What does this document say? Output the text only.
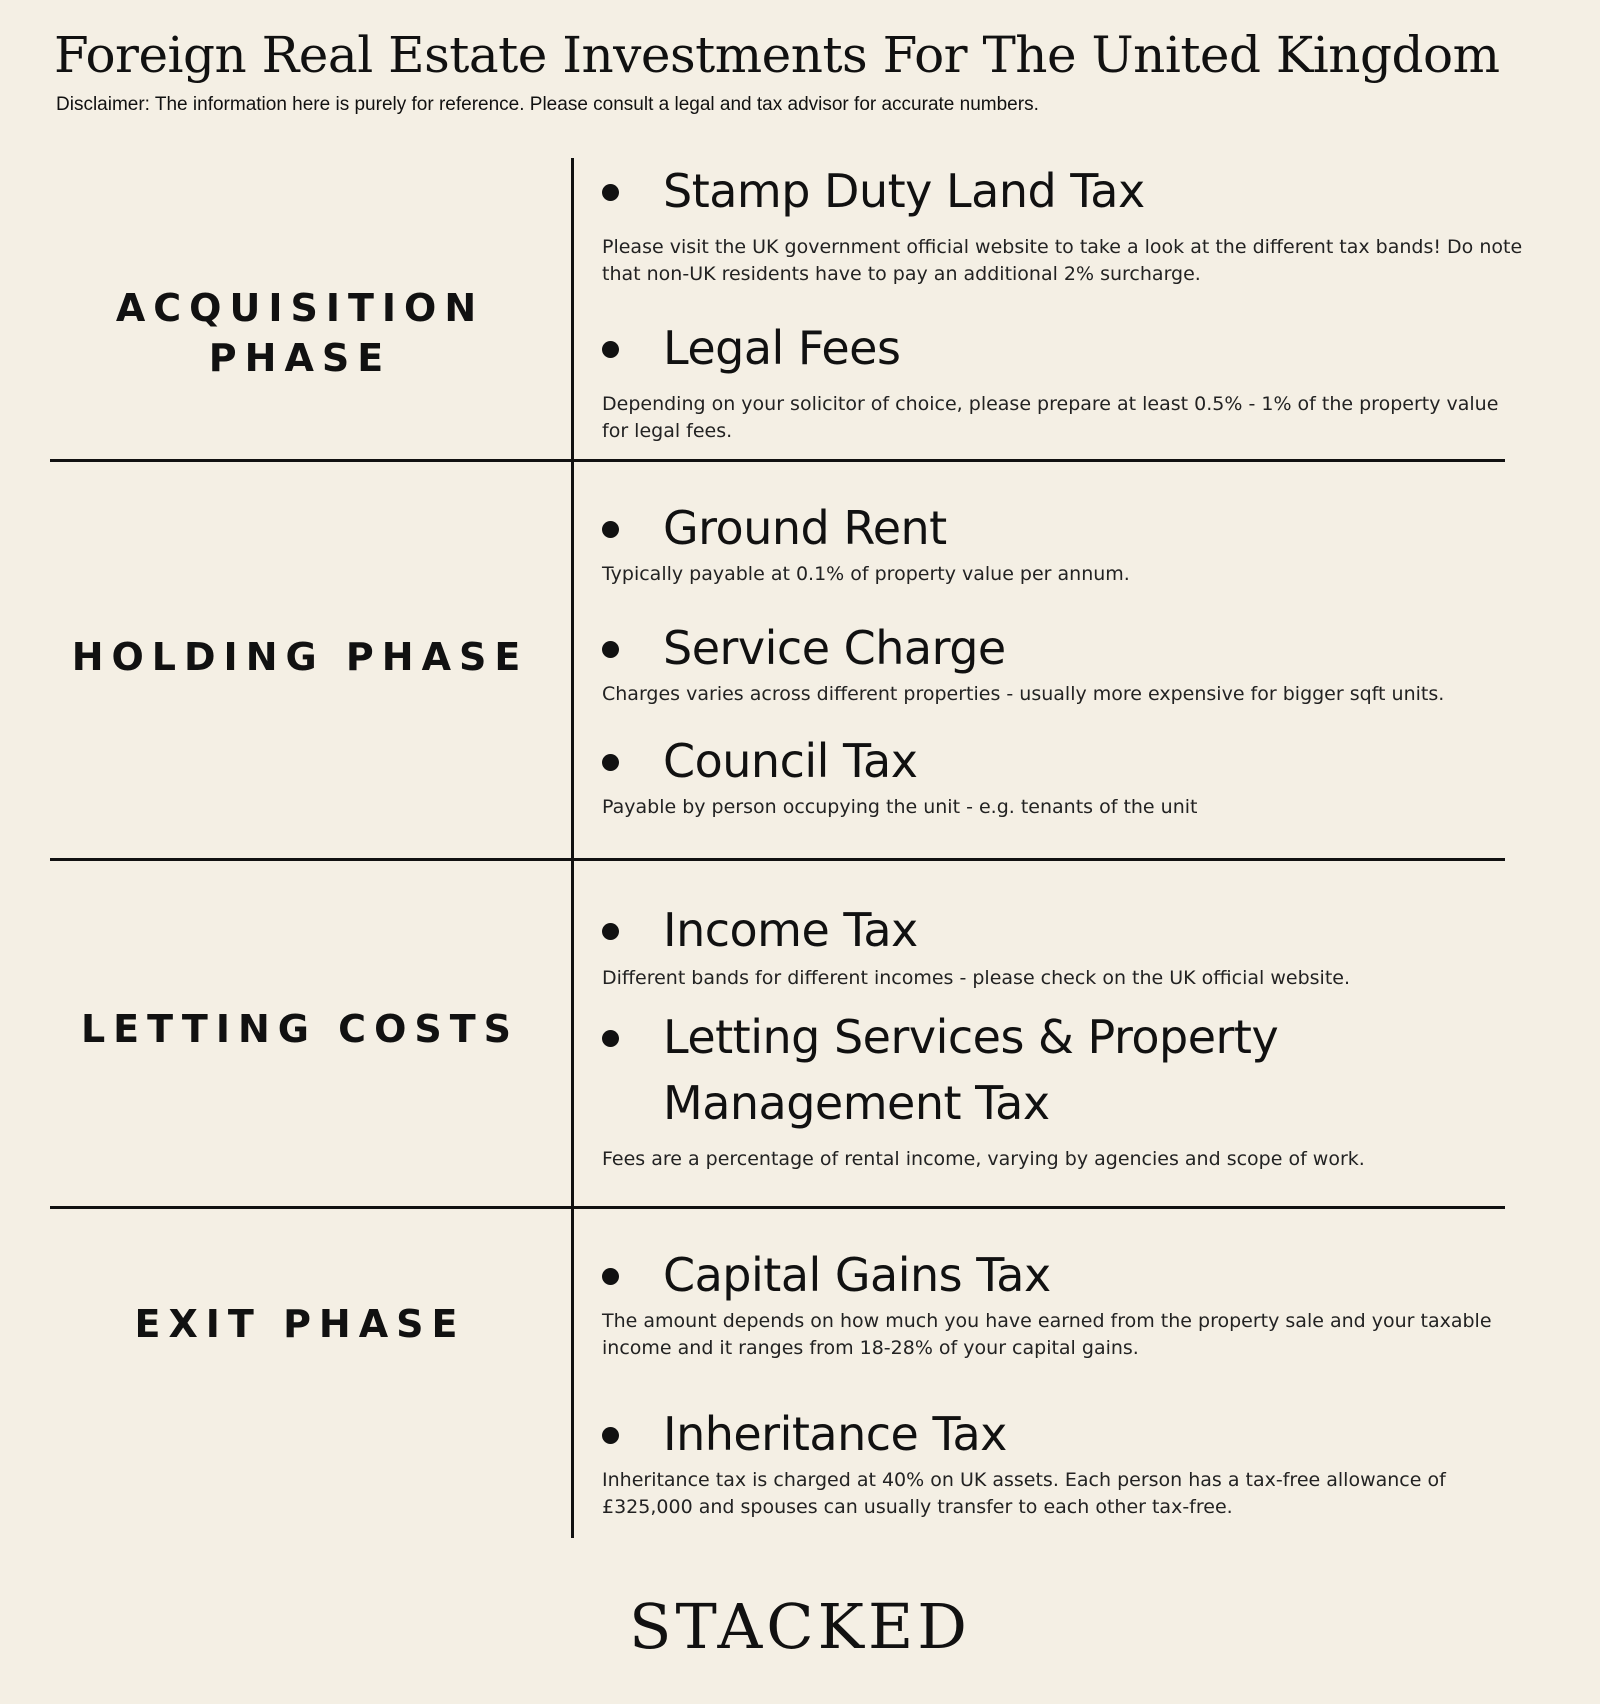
Foreign Real Estate Investments For The United Kingdom
Disclaimer: The information here is purely for reference. Please consult a legal and tax advisor for accurate numbers.
ACQUISITION
PHASE
Stamp Duty Land Tax
Please visit the UK government official website to take a look at the different tax bands! Do note that non-UK residents have to pay an additional 2% surcharge.
Legal Fees
Depending on your solicitor of choice, please prepare at least 0.5% - 1% of the property value for legal fees.
HOLDING PHASE
Ground Rent
Typically payable at 0.1% of property value per annum.
Service Charge
Charges varies across different properties - usually more expensive for bigger sqft units.
Council Tax
Payable by person occupying the unit - e.g. tenants of the unit
LETTING COSTS
Income Tax
Different bands for different incomes - please check on the UK official website.
Letting Services & Property Management Tax
Fees are a percentage of rental income, varying by agencies and scope of work.
EXIT PHASE
Capital Gains Tax
The amount depends on how much you have earned from the property sale and your taxable income and it ranges from 18-28% of your capital gains.
Inheritance Tax
Inheritance tax is charged at 40% on UK assets. Each person has a tax-free allowance of £325,000 and spouses can usually transfer to each other tax-free.
STACKED
